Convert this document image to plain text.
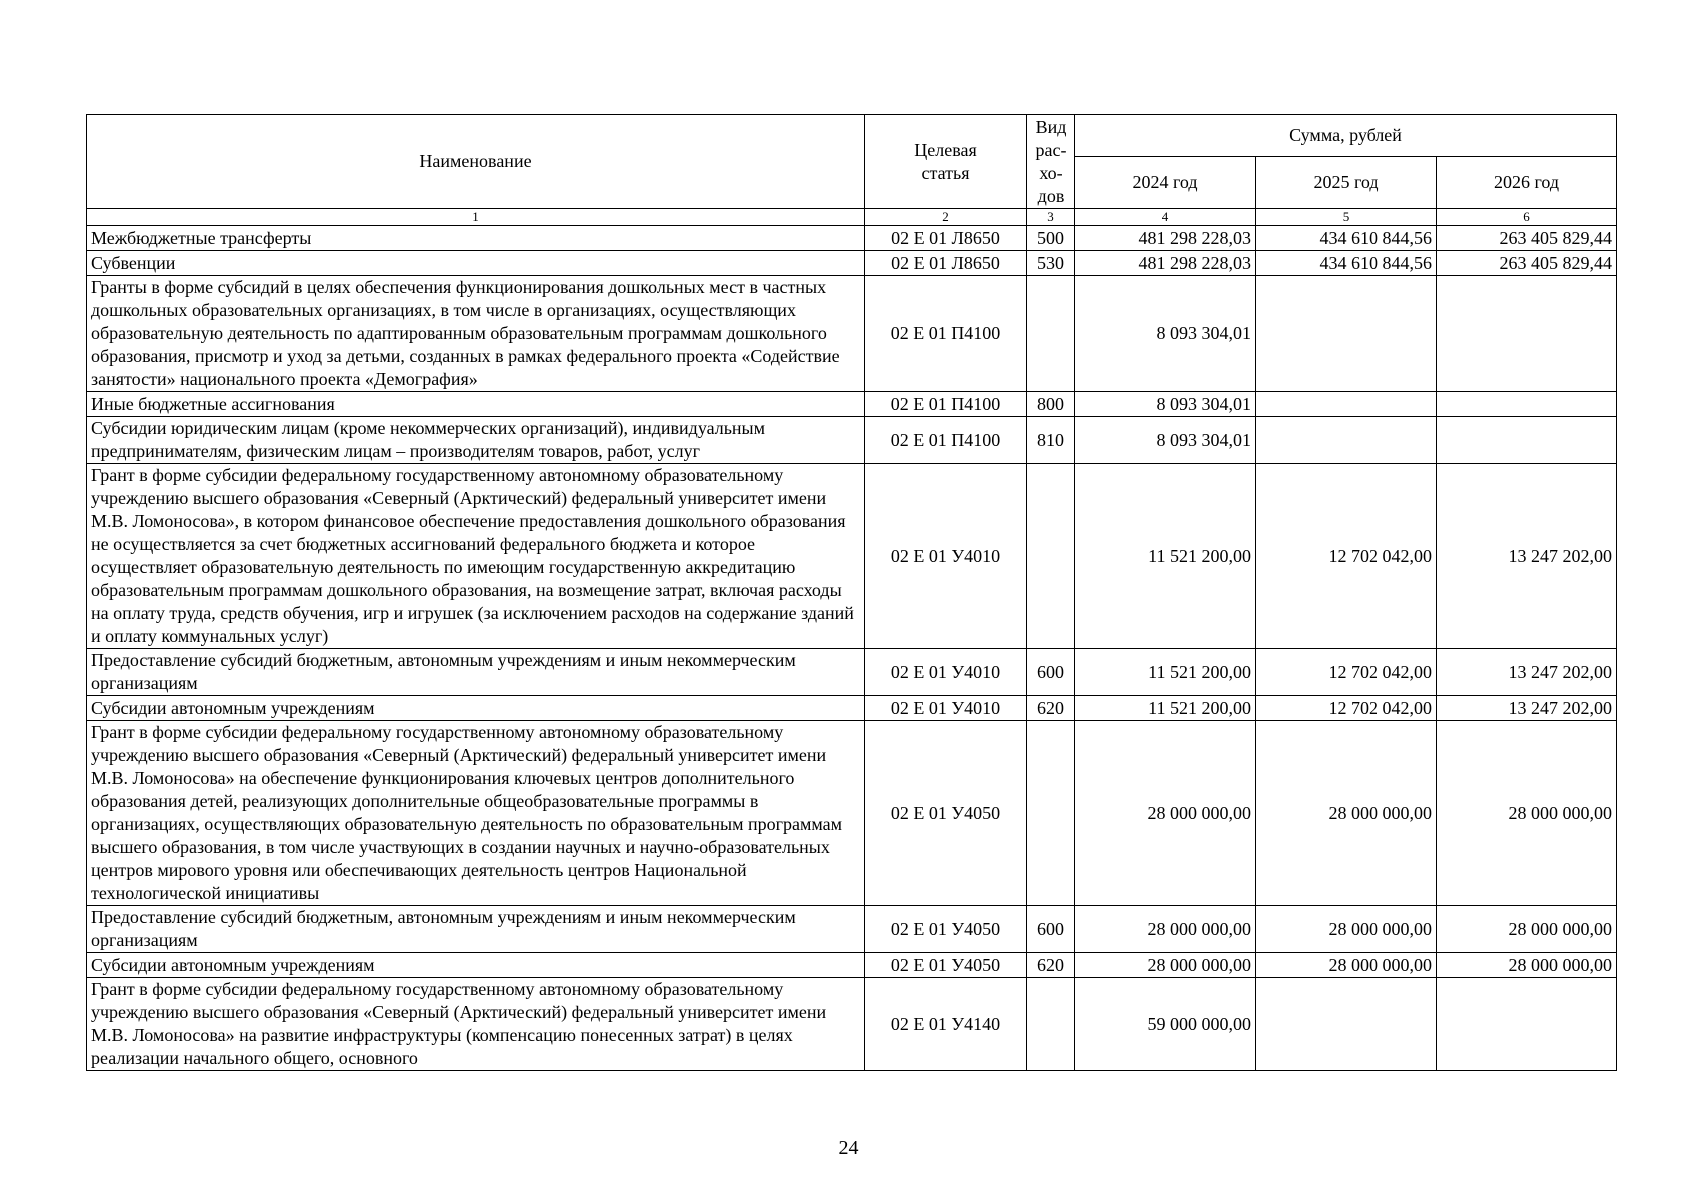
Наименование	Целевая статья	Вид рас-хо-дов	Сумма, рублей		
			2024 год	2025 год	2026 год
1	2	3	4	5	6
Межбюджетные трансферты	02 Е 01 Л8650	500	481 298 228,03	434 610 844,56	263 405 829,44
Субвенции	02 Е 01 Л8650	530	481 298 228,03	434 610 844,56	263 405 829,44
Гранты в форме субсидий в целях обеспечения функционирования дошкольных мест в частных дошкольных образовательных организациях, в том числе в организациях, осуществляющих образовательную деятельность по адаптированным образовательным программам дошкольного образования, присмотр и уход за детьми, созданных в рамках федерального проекта «Содействие занятости» национального проекта «Демография»	02 Е 01 П4100		8 093 304,01		
Иные бюджетные ассигнования	02 Е 01 П4100	800	8 093 304,01		
Субсидии юридическим лицам (кроме некоммерческих организаций), индивидуальным предпринимателям, физическим лицам – производителям товаров, работ, услуг	02 Е 01 П4100	810	8 093 304,01		
Грант в форме субсидии федеральному государственному автономному образовательному учреждению высшего образования «Северный (Арктический) федеральный университет имени М.В. Ломоносова», в котором финансовое обеспечение предоставления дошкольного образования не осуществляется за счет бюджетных ассигнований федерального бюджета и которое осуществляет образовательную деятельность по имеющим государственную аккредитацию образовательным программам дошкольного образования, на возмещение затрат, включая расходы на оплату труда, средств обучения, игр и игрушек (за исключением расходов на содержание зданий и оплату коммунальных услуг)	02 Е 01 У4010		11 521 200,00	12 702 042,00	13 247 202,00
Предоставление субсидий бюджетным, автономным учреждениям и иным некоммерческим организациям	02 Е 01 У4010	600	11 521 200,00	12 702 042,00	13 247 202,00
Субсидии автономным учреждениям	02 Е 01 У4010	620	11 521 200,00	12 702 042,00	13 247 202,00
Грант в форме субсидии федеральному государственному автономному образовательному учреждению высшего образования «Северный (Арктический) федеральный университет имени М.В. Ломоносова» на обеспечение функционирования ключевых центров дополнительного образования детей, реализующих дополнительные общеобразовательные программы в организациях, осуществляющих образовательную деятельность по образовательным программам высшего образования, в том числе участвующих в создании научных и научно-образовательных центров мирового уровня или обеспечивающих деятельность центров Национальной технологической инициативы	02 Е 01 У4050		28 000 000,00	28 000 000,00	28 000 000,00
Предоставление субсидий бюджетным, автономным учреждениям и иным некоммерческим организациям	02 Е 01 У4050	600	28 000 000,00	28 000 000,00	28 000 000,00
Субсидии автономным учреждениям	02 Е 01 У4050	620	28 000 000,00	28 000 000,00	28 000 000,00
Грант в форме субсидии федеральному государственному автономному образовательному учреждению высшего образования «Северный (Арктический) федеральный университет имени М.В. Ломоносова» на развитие инфраструктуры (компенсацию понесенных затрат) в целях реализации начального общего, основного	02 Е 01 У4140		59 000 000,00		
24
